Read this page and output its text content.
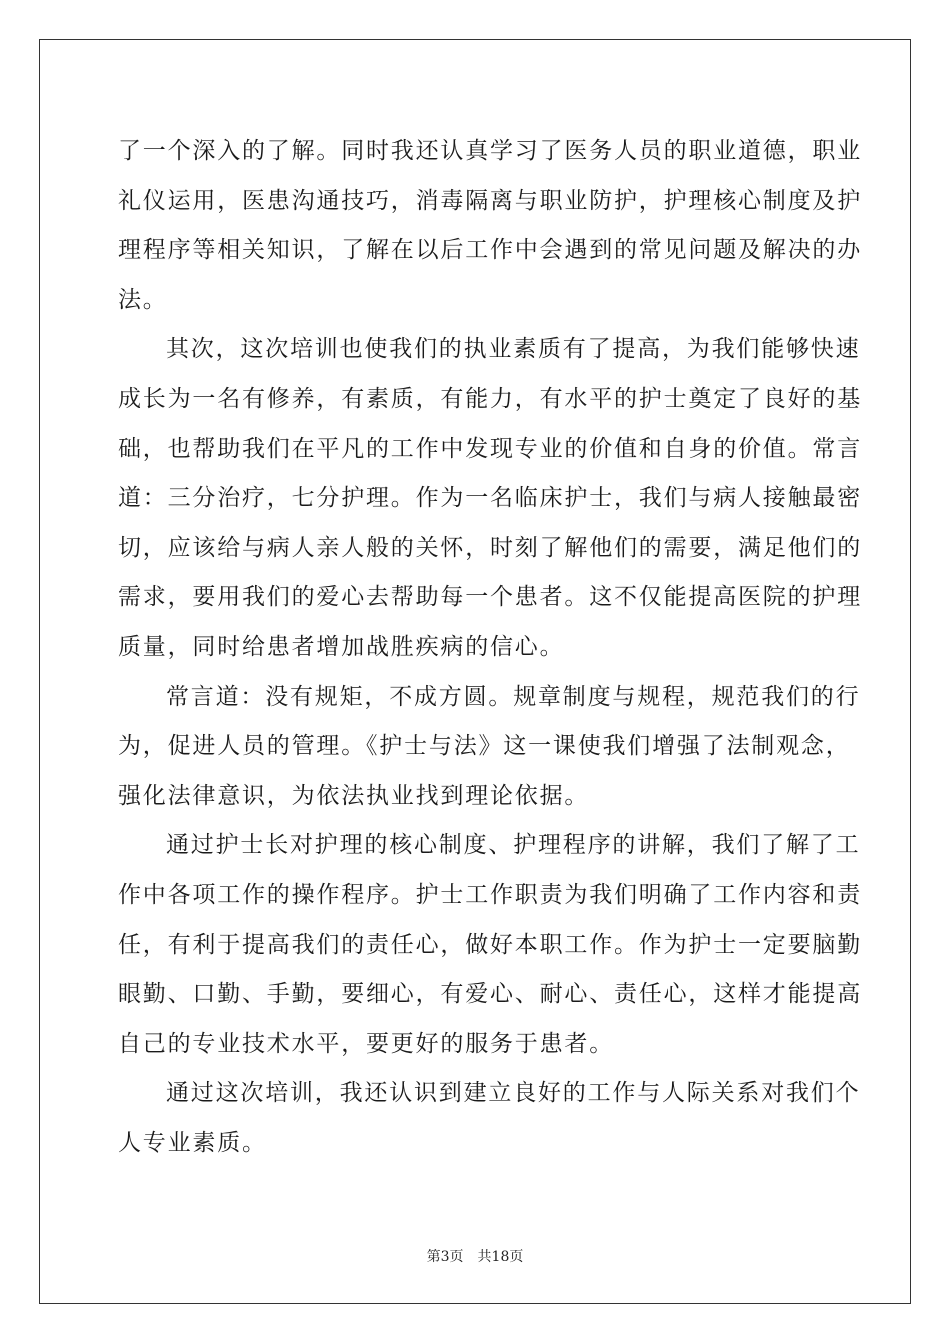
了一个深入的了解。同时我还认真学习了医务人员的职业道德，职业
礼仪运用，医患沟通技巧，消毒隔离与职业防护，护理核心制度及护
理程序等相关知识，了解在以后工作中会遇到的常见问题及解决的办
法。
其次，这次培训也使我们的执业素质有了提高，为我们能够快速
成长为一名有修养，有素质，有能力，有水平的护士奠定了良好的基
础，也帮助我们在平凡的工作中发现专业的价值和自身的价值。常言
道：三分治疗，七分护理。作为一名临床护士，我们与病人接触最密
切，应该给与病人亲人般的关怀，时刻了解他们的需要，满足他们的
需求，要用我们的爱心去帮助每一个患者。这不仅能提高医院的护理
质量，同时给患者增加战胜疾病的信心。
常言道：没有规矩，不成方圆。规章制度与规程，规范我们的行
为，促进人员的管理。《护士与法》这一课使我们增强了法制观念，
强化法律意识，为依法执业找到理论依据。
通过护士长对护理的核心制度、护理程序的讲解，我们了解了工
作中各项工作的操作程序。护士工作职责为我们明确了工作内容和责
任，有利于提高我们的责任心，做好本职工作。作为护士一定要脑勤
眼勤、口勤、手勤，要细心，有爱心、耐心、责任心，这样才能提高
自己的专业技术水平，要更好的服务于患者。
通过这次培训，我还认识到建立良好的工作与人际关系对我们个
人专业素质。
第3页 共18页
